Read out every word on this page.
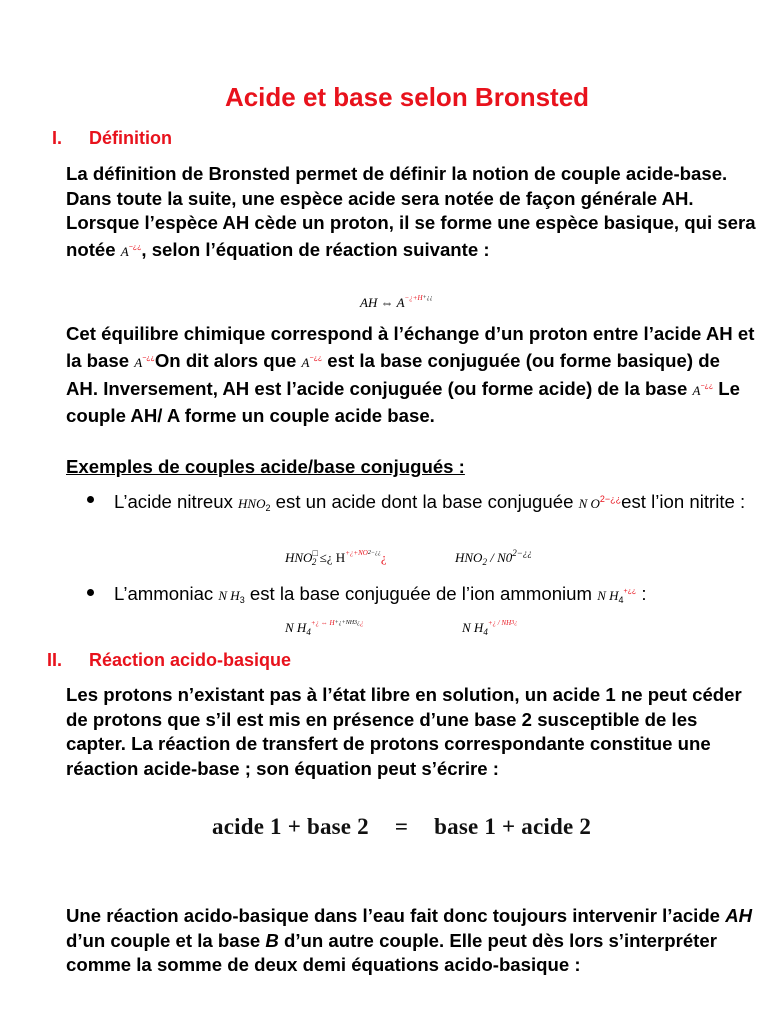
Acide et base selon Bronsted
I. Définition
La définition de Bronsted permet de définir la notion de couple acide-base. Dans toute la suite, une espèce acide sera notée de façon générale AH. Lorsque l’espèce AH cède un proton, il se forme une espèce basique, qui sera notée A−¿¿, selon l’équation de réaction suivante :
AH ⇔ $A^{-¿+H+¿¿}$
Cet équilibre chimique correspond à l’échange d’un proton entre l’acide AH et la base A−¿¿On dit alors que A−¿¿ est la base conjuguée (ou forme basique) de AH. Inversement, AH est l’acide conjuguée (ou forme acide) de la base A−¿¿ Le couple AH/ A forme un couple acide base.
Exemples de couples acide/base conjugués :
L’acide nitreux $HNO_2$ est un acide dont la base conjuguée N $O^{2-¿¿}est$ l’ion nitrite :
$HNO^□_2$ ≤¿ $H^{+¿+NO2-¿¿}¿$	$HNO_2 / N0^{2-¿¿}$
L’ammoniac N $H_3$ est la base conjuguée de l’ion ammonium N $H_4^{+¿¿}$ :
N $H_4^{+¿ \Leftrightarrow H+¿+NH3¿¿}$	N $H_4^{+¿ / NH3¿}$
II. Réaction acido-basique
Les protons n’existant pas à l’état libre en solution, un acide 1 ne peut céder de protons que s’il est mis en présence d’une base 2 susceptible de les capter. La réaction de transfert de protons correspondante constitue une réaction acide-base ; son équation peut s’écrire :
acide 1 + base 2 = base 1 + acide 2
Une réaction acido-basique dans l’eau fait donc toujours intervenir l’acide AH d’un couple et la base B d’un autre couple. Elle peut dès lors s’interpréter comme la somme de deux demi équations acido-basique :
